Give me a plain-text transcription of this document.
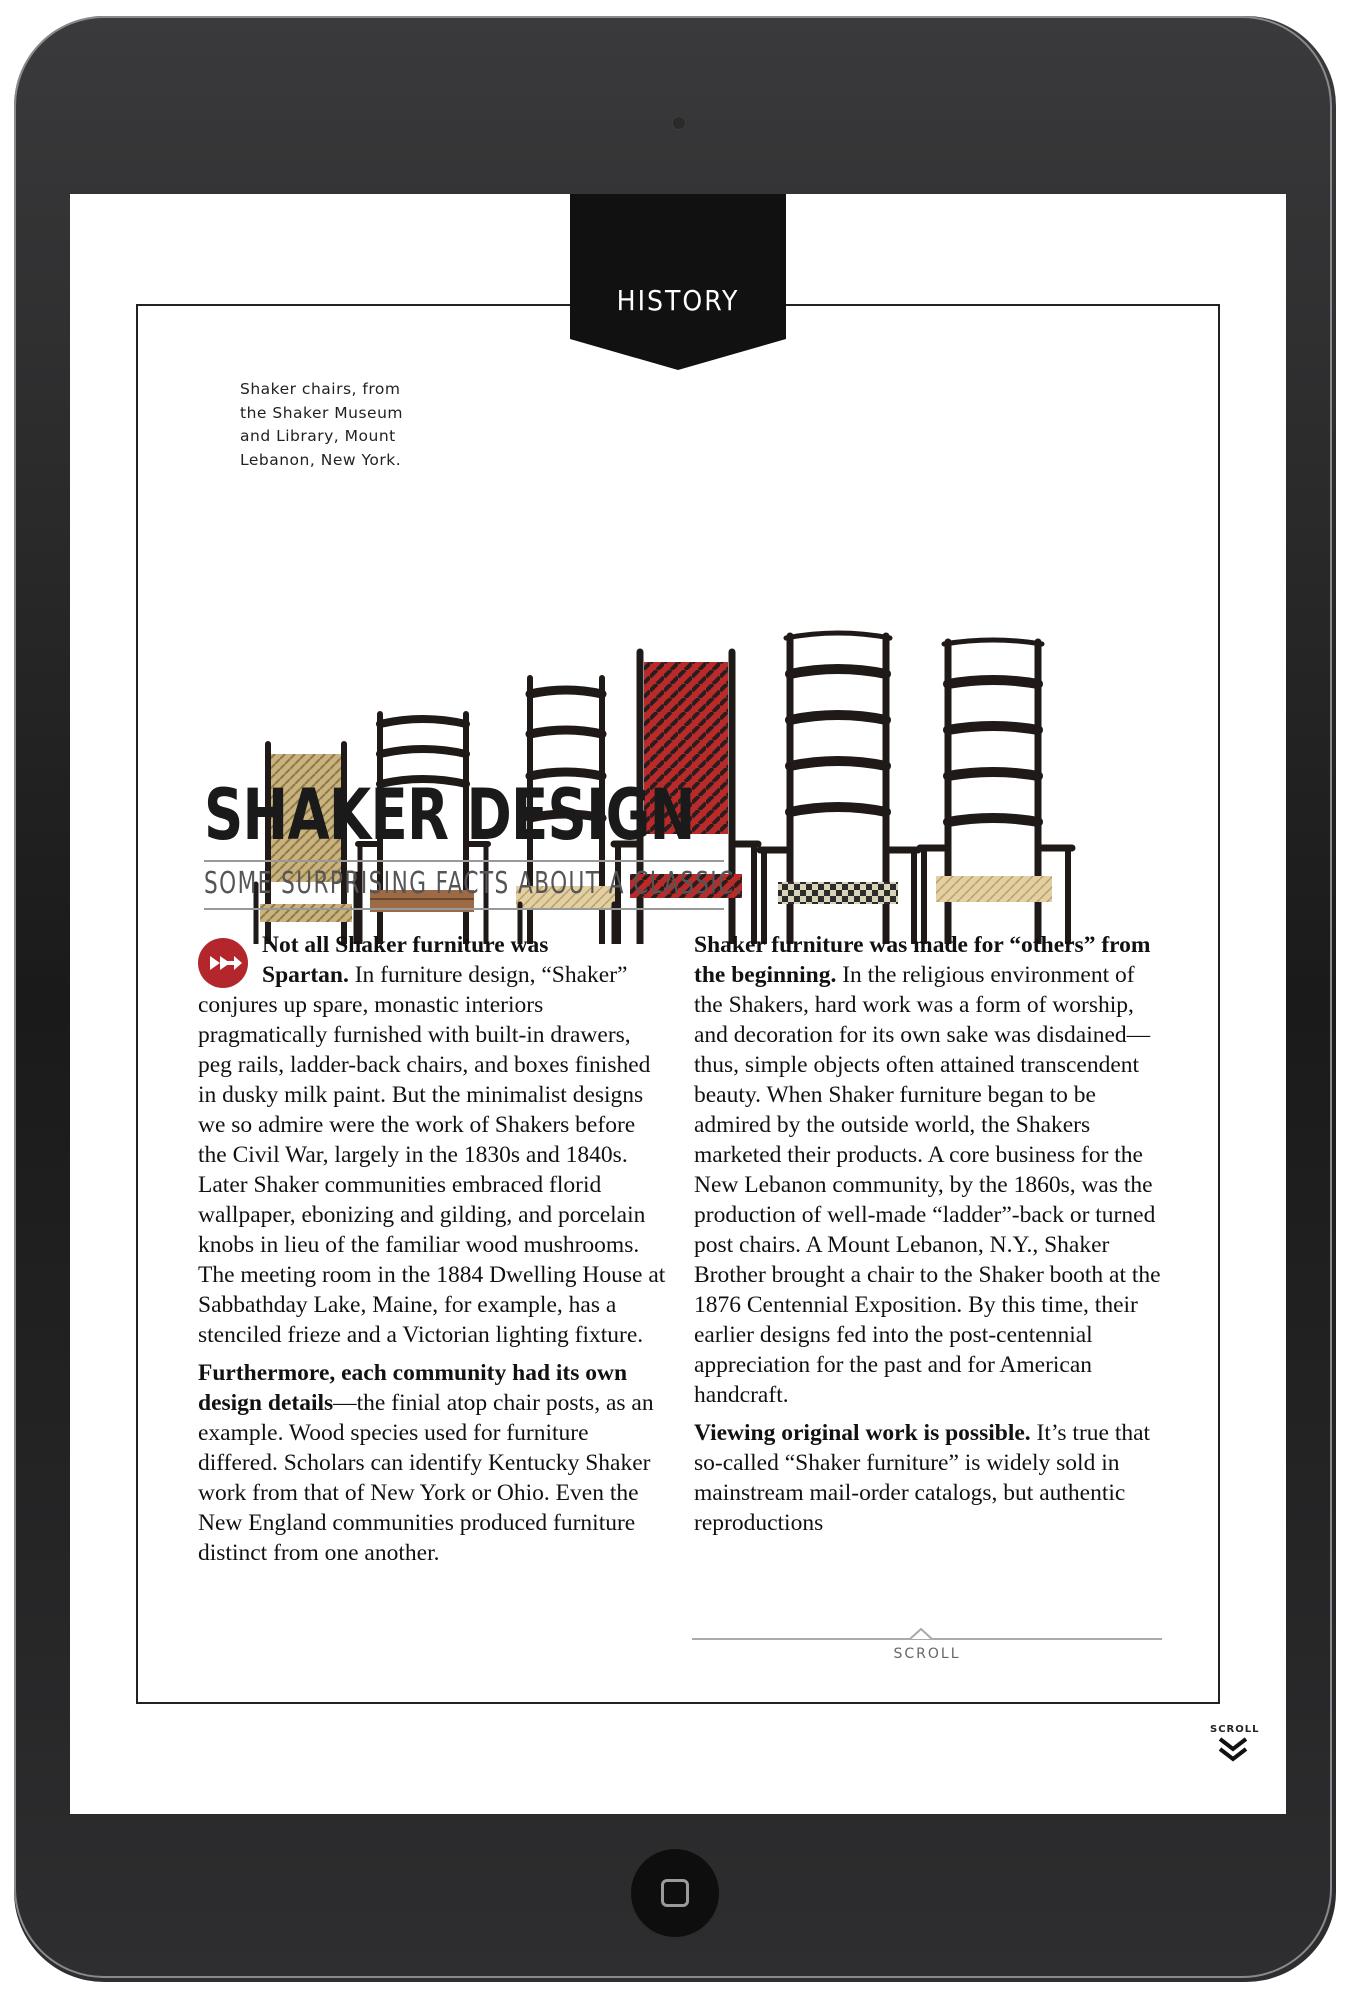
HISTORY
Shaker chairs, from the Shaker Museum and Library, Mount Lebanon, New York.
SHAKER DESIGN
SOME SURPRISING FACTS ABOUT A CLASSIC.

Not all Shaker furniture was
Spartan. In furniture design, “Shaker” conjures up spare, monastic interiors pragmatically furnished with built-in drawers, peg rails, ladder-back chairs, and boxes finished in dusky milk paint. But the minimalist designs we so admire were the work of Shakers before the Civil War, largely in the 1830s and 1840s. Later Shaker communities embraced florid wallpaper, ebonizing and gilding, and porcelain knobs in lieu of the familiar wood mushrooms. The meeting room in the 1884 Dwelling House at Sabbathday Lake, Maine, for example, has a stenciled frieze and a Victorian lighting fixture.

Furthermore, each community had its own design details—the finial atop chair posts, as an example. Wood species used for furniture differed. Scholars can identify Kentucky Shaker work from that of New York or Ohio. Even the New England communities produced furniture distinct from one another.

Shaker furniture was made for “others” from the beginning. In the religious environment of the Shakers, hard work was a form of worship, and decoration for its own sake was disdained—thus, simple objects often attained transcendent beauty. When Shaker furniture began to be admired by the outside world, the Shakers marketed their products. A core business for the New Lebanon community, by the 1860s, was the production of well-made “ladder”-back or turned post chairs. A Mount Lebanon, N.Y., Shaker Brother brought a chair to the Shaker booth at the 1876 Centennial Exposition. By this time, their earlier designs fed into the post-centennial appreciation for the past and for American handcraft.

Viewing original work is possible. It’s true that so-called “Shaker furniture” is widely sold in mainstream mail-order catalogs, but authentic reproductions

SCROLL
SCROLL
